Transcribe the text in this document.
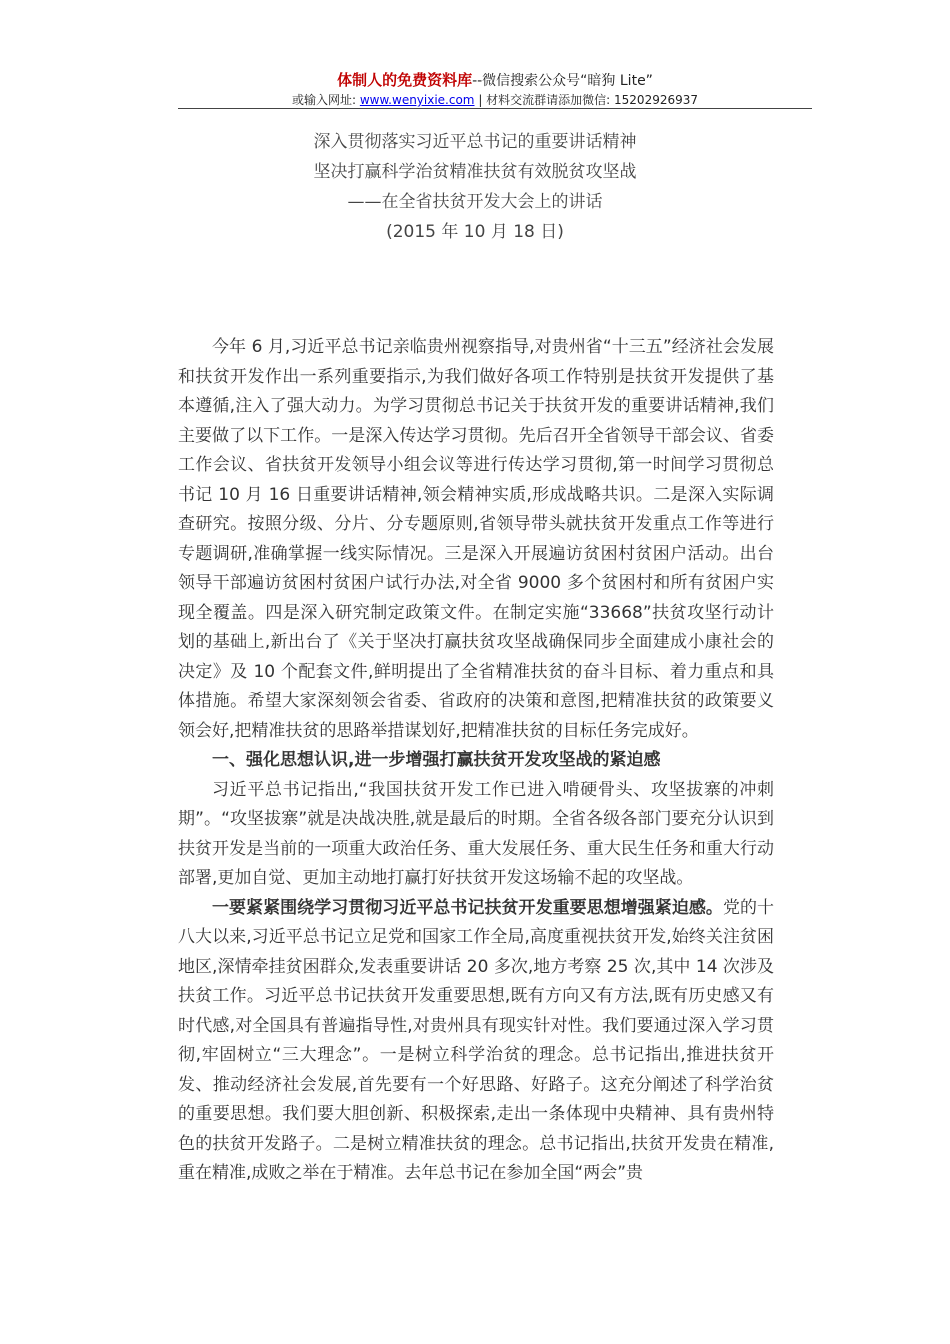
体制人的免费资料库--微信搜索公众号“暗狗 Lite”
或输入网址: www.wenyixie.com | 材料交流群请添加微信: 15202926937
深入贯彻落实习近平总书记的重要讲话精神
坚决打赢科学治贫精准扶贫有效脱贫攻坚战
——在全省扶贫开发大会上的讲话
(2015 年 10 月 18 日)

今年 6 月,习近平总书记亲临贵州视察指导,对贵州省“十三五”经济社会发展和扶贫开发作出一系列重要指示,为我们做好各项工作特别是扶贫开发提供了基本遵循,注入了强大动力。为学习贯彻总书记关于扶贫开发的重要讲话精神,我们主要做了以下工作。一是深入传达学习贯彻。先后召开全省领导干部会议、省委工作会议、省扶贫开发领导小组会议等进行传达学习贯彻,第一时间学习贯彻总书记 10 月 16 日重要讲话精神,领会精神实质,形成战略共识。二是深入实际调查研究。按照分级、分片、分专题原则,省领导带头就扶贫开发重点工作等进行专题调研,准确掌握一线实际情况。三是深入开展遍访贫困村贫困户活动。出台领导干部遍访贫困村贫困户试行办法,对全省 9000 多个贫困村和所有贫困户实现全覆盖。四是深入研究制定政策文件。在制定实施“33668”扶贫攻坚行动计划的基础上,新出台了《关于坚决打赢扶贫攻坚战确保同步全面建成小康社会的决定》及 10 个配套文件,鲜明提出了全省精准扶贫的奋斗目标、着力重点和具体措施。希望大家深刻领会省委、省政府的决策和意图,把精准扶贫的政策要义领会好,把精准扶贫的思路举措谋划好,把精准扶贫的目标任务完成好。

一、强化思想认识,进一步增强打赢扶贫开发攻坚战的紧迫感

习近平总书记指出,“我国扶贫开发工作已进入啃硬骨头、攻坚拔寨的冲刺期”。“攻坚拔寨”就是决战决胜,就是最后的时期。全省各级各部门要充分认识到扶贫开发是当前的一项重大政治任务、重大发展任务、重大民生任务和重大行动部署,更加自觉、更加主动地打赢打好扶贫开发这场输不起的攻坚战。

一要紧紧围绕学习贯彻习近平总书记扶贫开发重要思想增强紧迫感。党的十八大以来,习近平总书记立足党和国家工作全局,高度重视扶贫开发,始终关注贫困地区,深情牵挂贫困群众,发表重要讲话 20 多次,地方考察 25 次,其中 14 次涉及扶贫工作。习近平总书记扶贫开发重要思想,既有方向又有方法,既有历史感又有时代感,对全国具有普遍指导性,对贵州具有现实针对性。我们要通过深入学习贯彻,牢固树立“三大理念”。一是树立科学治贫的理念。总书记指出,推进扶贫开发、推动经济社会发展,首先要有一个好思路、好路子。这充分阐述了科学治贫的重要思想。我们要大胆创新、积极探索,走出一条体现中央精神、具有贵州特色的扶贫开发路子。二是树立精准扶贫的理念。总书记指出,扶贫开发贵在精准,重在精准,成败之举在于精准。去年总书记在参加全国“两会”贵
